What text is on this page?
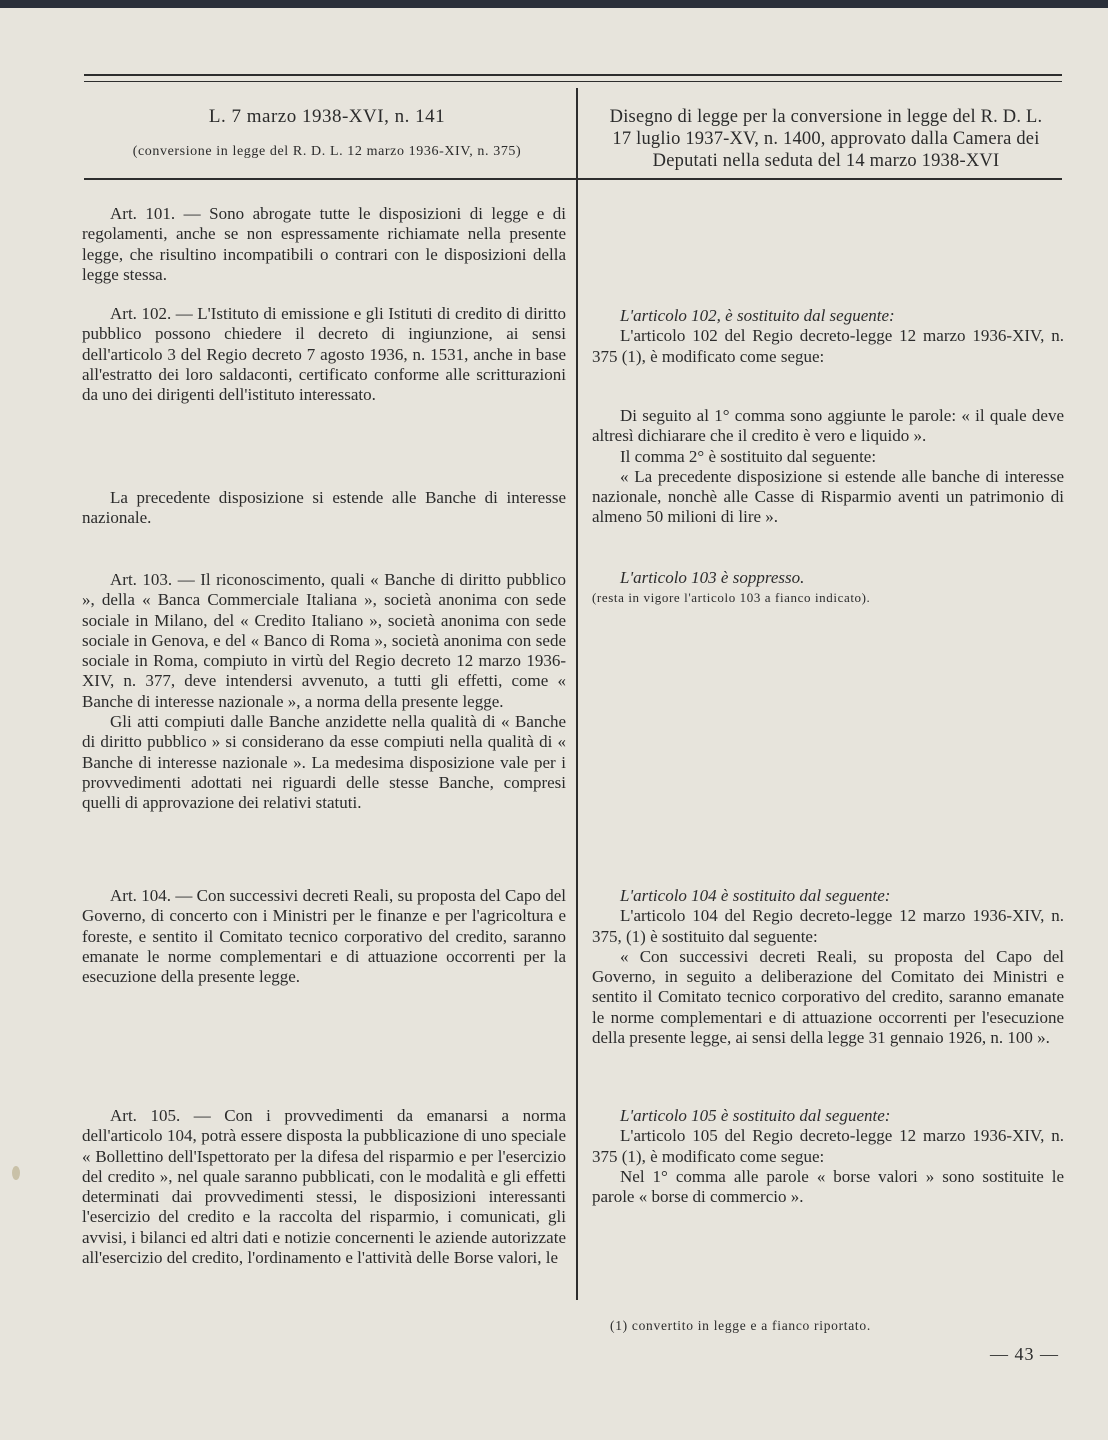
L. 7 marzo 1938-XVI, n. 141
(conversione in legge del R. D. L. 12 marzo 1936-XIV, n. 375)
Disegno di legge per la conversione in legge del R. D. L.
17 luglio 1937-XV, n. 1400, approvato dalla Camera dei
Deputati nella seduta del 14 marzo 1938-XVI

Art. 101. — Sono abrogate tutte le disposizioni di legge e di regolamenti, anche se non espressamente richiamate nella presente legge, che risultino incompatibili o contrari con le disposizioni della legge stessa.

Art. 102. — L'Istituto di emissione e gli Istituti di credito di diritto pubblico possono chiedere il decreto di ingiunzione, ai sensi dell'articolo 3 del Regio decreto 7 agosto 1936, n. 1531, anche in base all'estratto dei loro saldaconti, certificato conforme alle scritturazioni da uno dei dirigenti dell'istituto interessato.

La precedente disposizione si estende alle Banche di interesse nazionale.

Art. 103. — Il riconoscimento, quali « Banche di diritto pubblico », della « Banca Commerciale Italiana », società anonima con sede sociale in Milano, del « Credito Italiano », società anonima con sede sociale in Genova, e del « Banco di Roma », società anonima con sede sociale in Roma, compiuto in virtù del Regio decreto 12 marzo 1936-XIV, n. 377, deve intendersi avvenuto, a tutti gli effetti, come « Banche di interesse nazionale », a norma della presente legge.

Gli atti compiuti dalle Banche anzidette nella qualità di « Banche di diritto pubblico » si considerano da esse compiuti nella qualità di « Banche di interesse nazionale ». La medesima disposizione vale per i provvedimenti adottati nei riguardi delle stesse Banche, compresi quelli di approvazione dei relativi statuti.

Art. 104. — Con successivi decreti Reali, su proposta del Capo del Governo, di concerto con i Ministri per le finanze e per l'agricoltura e foreste, e sentito il Comitato tecnico corporativo del credito, saranno emanate le norme complementari e di attuazione occorrenti per la esecuzione della presente legge.

Art. 105. — Con i provvedimenti da emanarsi a norma dell'articolo 104, potrà essere disposta la pubblicazione di uno speciale « Bollettino dell'Ispettorato per la difesa del risparmio e per l'esercizio del credito », nel quale saranno pubblicati, con le modalità e gli effetti determinati dai provvedimenti stessi, le disposizioni interessanti l'esercizio del credito e la raccolta del risparmio, i comunicati, gli avvisi, i bilanci ed altri dati e notizie concernenti le aziende autorizzate all'esercizio del credito, l'ordinamento e l'attività delle Borse valori, le

L'articolo 102, è sostituito dal seguente:

L'articolo 102 del Regio decreto-legge 12 marzo 1936-XIV, n. 375 (1), è modificato come segue:

Di seguito al 1° comma sono aggiunte le parole: « il quale deve altresì dichiarare che il credito è vero e liquido ».

Il comma 2° è sostituito dal seguente:

« La precedente disposizione si estende alle banche di interesse nazionale, nonchè alle Casse di Risparmio aventi un patrimonio di almeno 50 milioni di lire ».

L'articolo 103 è soppresso.

(resta in vigore l'articolo 103 a fianco indicato).

L'articolo 104 è sostituito dal seguente:

L'articolo 104 del Regio decreto-legge 12 marzo 1936-XIV, n. 375, (1) è sostituito dal seguente:

« Con successivi decreti Reali, su proposta del Capo del Governo, in seguito a deliberazione del Comitato dei Ministri e sentito il Comitato tecnico corporativo del credito, saranno emanate le norme complementari e di attuazione occorrenti per l'esecuzione della presente legge, ai sensi della legge 31 gennaio 1926, n. 100 ».

L'articolo 105 è sostituito dal seguente:

L'articolo 105 del Regio decreto-legge 12 marzo 1936-XIV, n. 375 (1), è modificato come segue:

Nel 1° comma alle parole « borse valori » sono sostituite le parole « borse di commercio ».

(1) convertito in legge e a fianco riportato.
— 43 —
